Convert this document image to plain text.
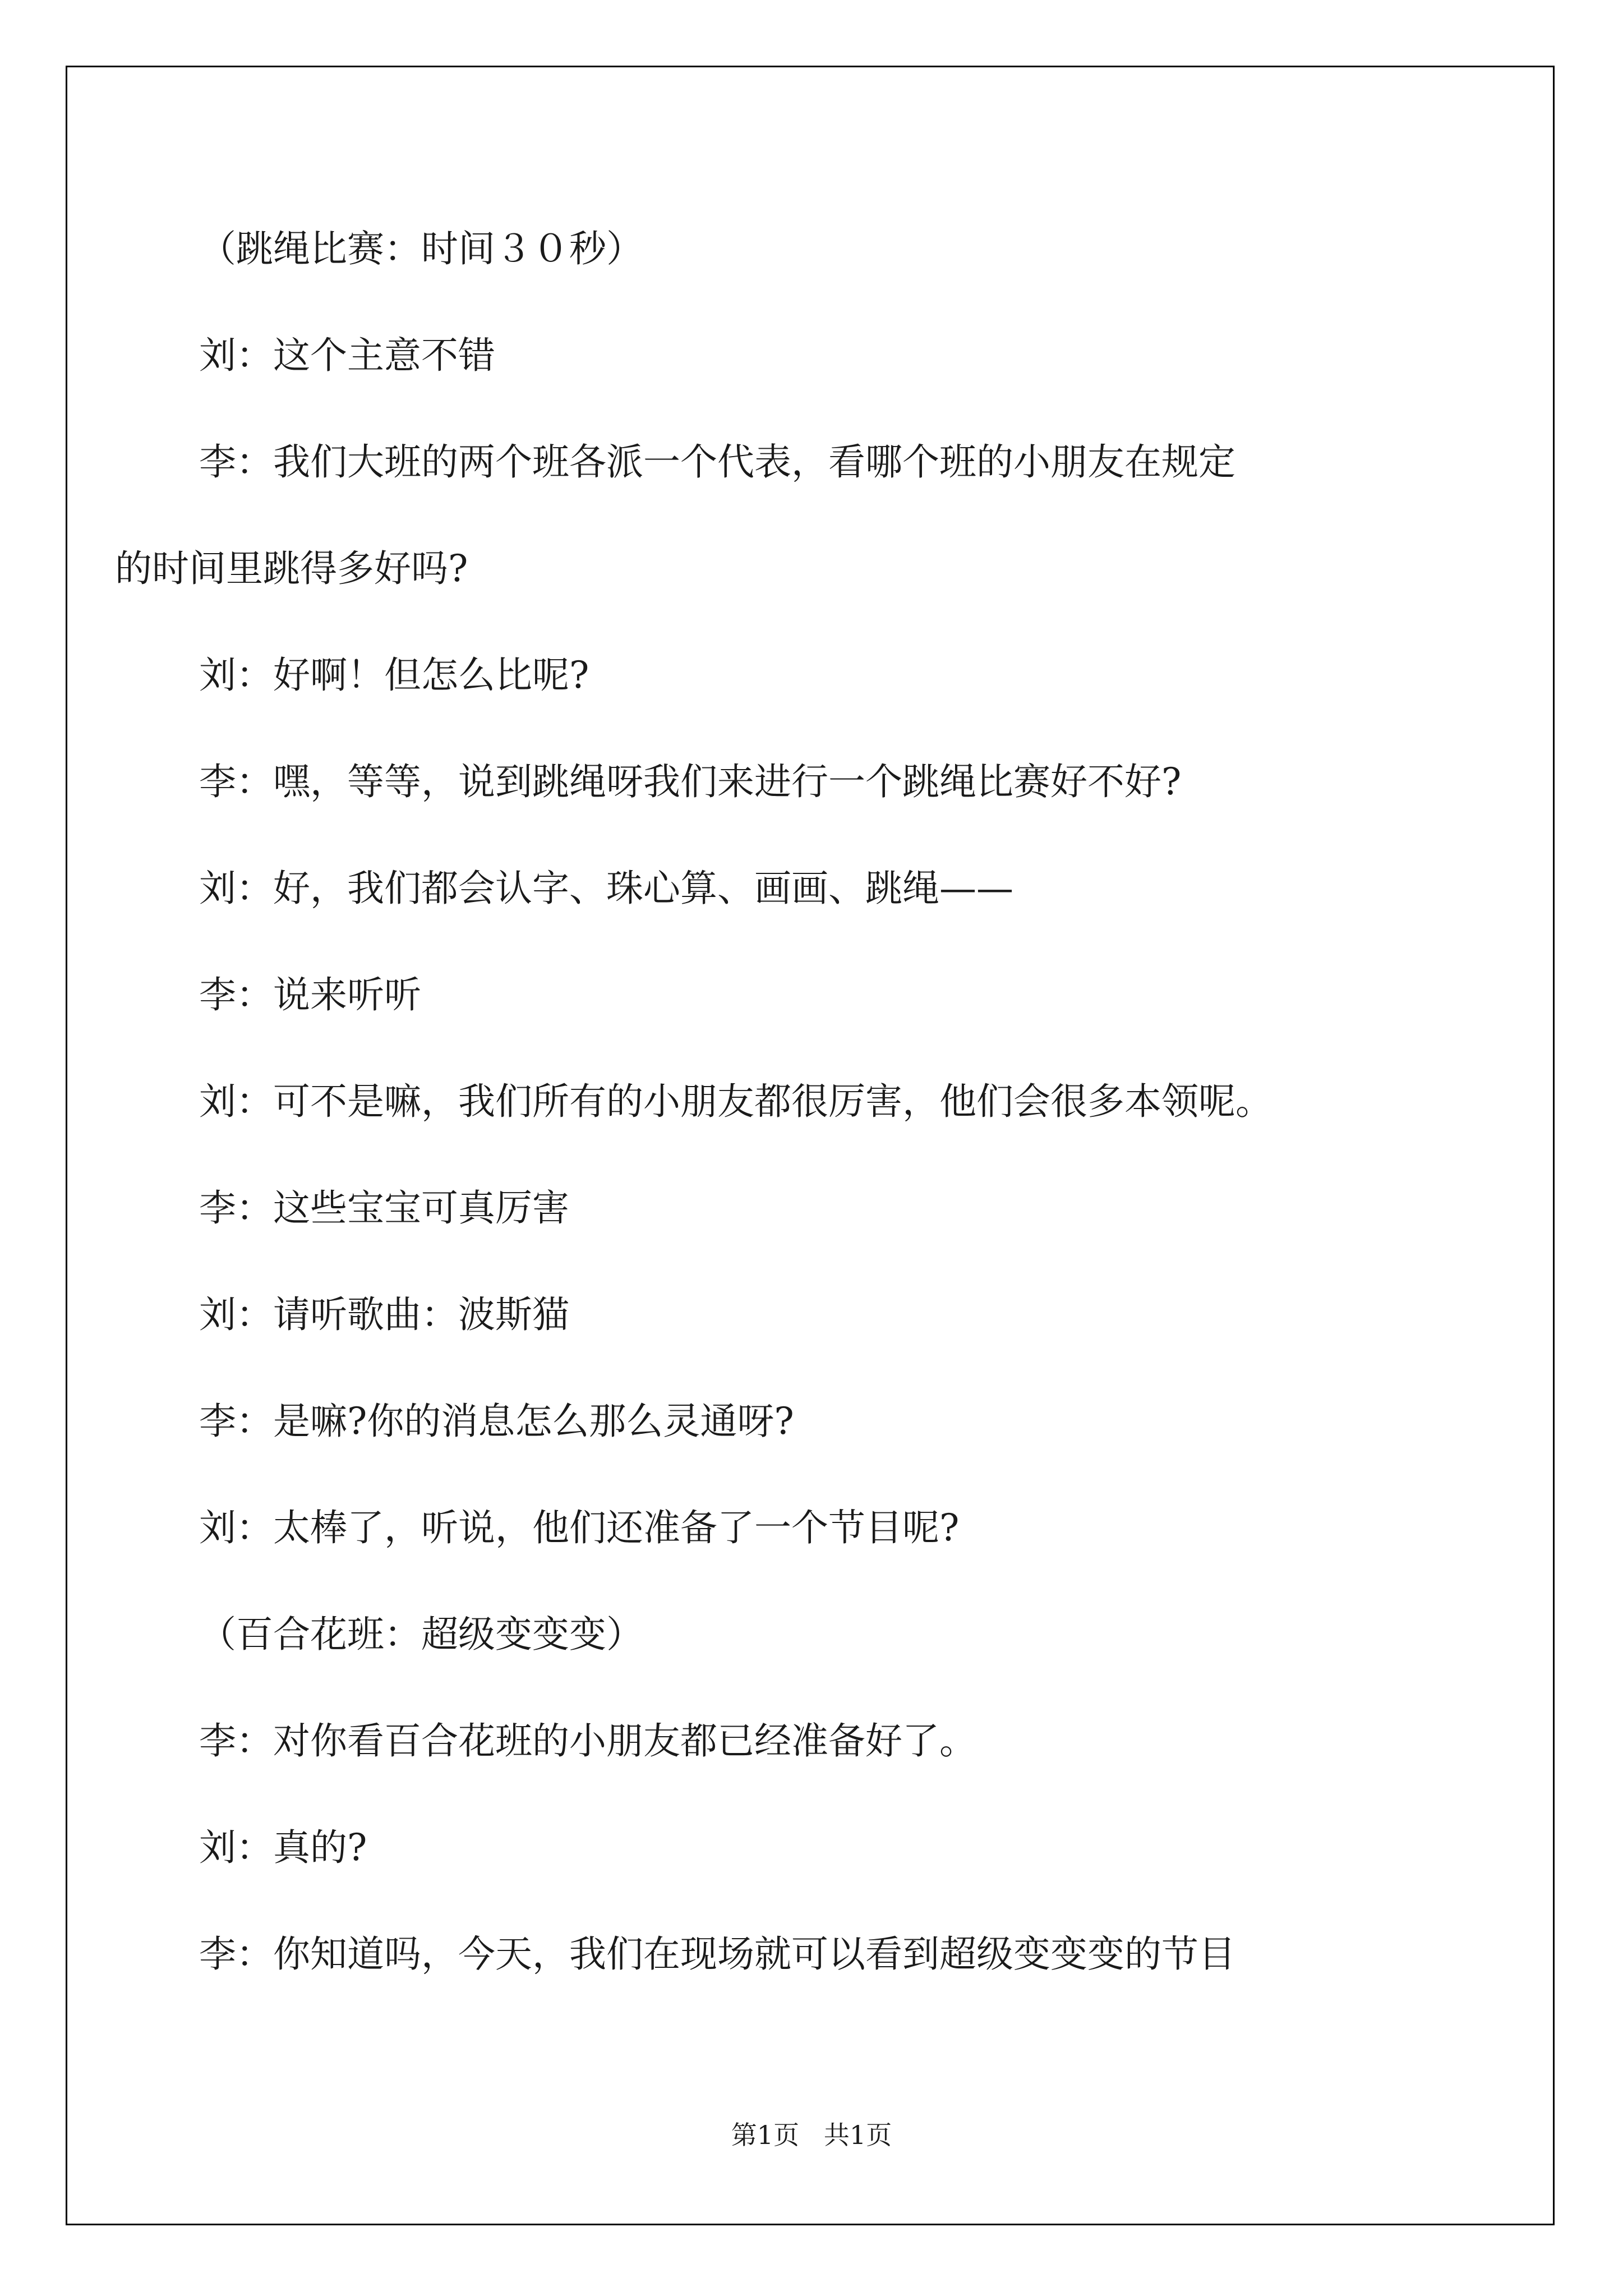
（跳绳比赛：时间３０秒）
刘：这个主意不错
李：我们大班的两个班各派一个代表，看哪个班的小朋友在规定
的时间里跳得多好吗?
刘：好啊！但怎么比呢?
李：嘿，等等，说到跳绳呀我们来进行一个跳绳比赛好不好?
刘：好，我们都会认字、珠心算、画画、跳绳——
李：说来听听
刘：可不是嘛，我们所有的小朋友都很厉害，他们会很多本领呢。
李：这些宝宝可真厉害
刘：请听歌曲：波斯猫
李：是嘛?你的消息怎么那么灵通呀?
刘：太棒了，听说，他们还准备了一个节目呢?
（百合花班：超级变变变）
李：对你看百合花班的小朋友都已经准备好了。
刘：真的?
李：你知道吗，今天，我们在现场就可以看到超级变变变的节目
第1页   共1页
